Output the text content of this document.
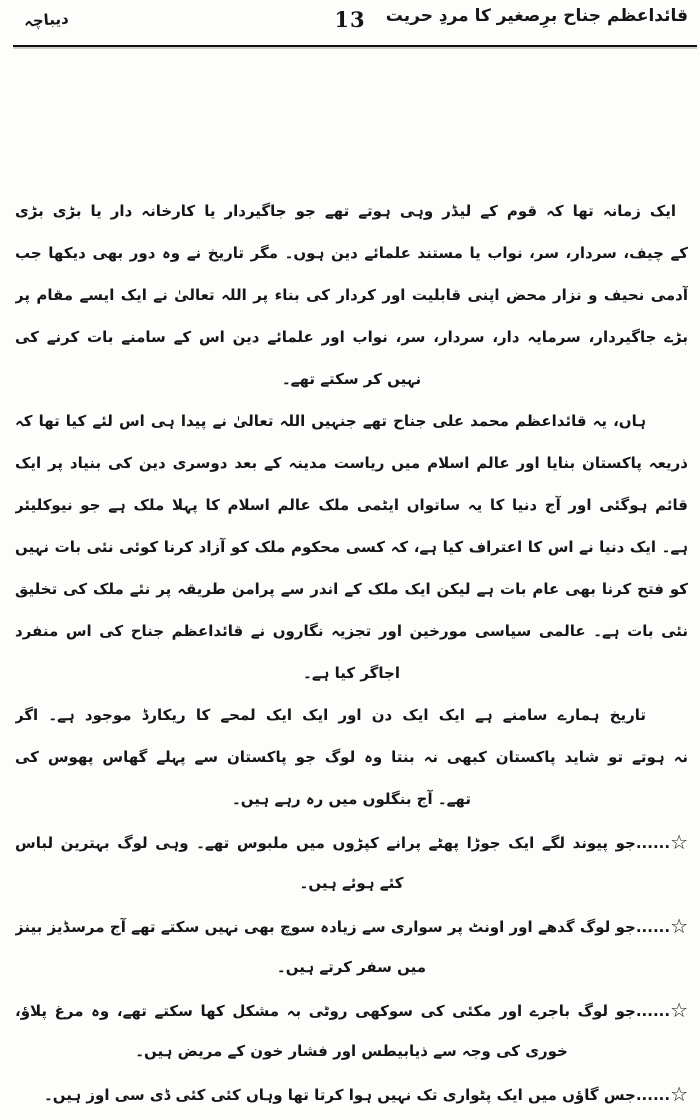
قائداعظم جناح برِصغیر کا مردِ حریت
13
دیباچہ
ایک زمانہ تھا کہ قوم کے لیڈر وہی ہوتے تھے جو جاگیردار یا کارخانہ دار یا بڑی بڑی
کے چیف، سردار، سر، نواب یا مستند علمائے دین ہوں۔ مگر تاریخ نے وہ دور بھی دیکھا جب
آدمی نحیف و نزار محض اپنی قابلیت اور کردار کی بناء پر اللہ تعالیٰ نے ایک ایسے مقام پر
بڑے جاگیردار، سرمایہ دار، سردار، سر، نواب اور علمائے دین اس کے سامنے بات کرنے کی
نہیں کر سکتے تھے۔
ہاں، یہ قائداعظم محمد علی جناح تھے جنہیں اللہ تعالیٰ نے پیدا ہی اس لئے کیا تھا کہ
ذریعہ پاکستان بنایا اور عالم اسلام میں ریاست مدینہ کے بعد دوسری دین کی بنیاد پر ایک
قائم ہوگئی اور آج دنیا کا یہ ساتواں ایٹمی ملک عالم اسلام کا پہلا ملک ہے جو نیوکلیئر
ہے۔ ایک دنیا نے اس کا اعتراف کیا ہے، کہ کسی محکوم ملک کو آزاد کرنا کوئی نئی بات نہیں
کو فتح کرنا بھی عام بات ہے لیکن ایک ملک کے اندر سے پرامن طریقہ پر نئے ملک کی تخلیق
نئی بات ہے۔ عالمی سیاسی مورخین اور تجزیہ نگاروں نے قائداعظم جناح کی اس منفرد
اجاگر کیا ہے۔
تاریخ ہمارے سامنے ہے ایک ایک دن اور ایک ایک لمحے کا ریکارڈ موجود ہے۔ اگر
نہ ہوتے تو شاید پاکستان کبھی نہ بنتا وہ لوگ جو پاکستان سے پہلے گھاس پھوس کی
تھے۔ آج بنگلوں میں رہ رہے ہیں۔
☆......جو پیوند لگے ایک جوڑا پھٹے پرانے کپڑوں میں ملبوس تھے۔ وہی لوگ بہترین لباس
کئے ہوئے ہیں۔
☆......جو لوگ گدھے اور اونٹ پر سواری سے زیادہ سوچ بھی نہیں سکتے تھے آج مرسڈیز بینز
میں سفر کرتے ہیں۔
☆......جو لوگ باجرے اور مکئی کی سوکھی روٹی بہ مشکل کھا سکتے تھے، وہ مرغ پلاؤ،
خوری کی وجہ سے ذیابیطس اور فشار خون کے مریض ہیں۔
☆......جس گاؤں میں ایک پٹواری تک نہیں ہوا کرتا تھا وہاں کئی کئی ڈی سی اوز ہیں۔
